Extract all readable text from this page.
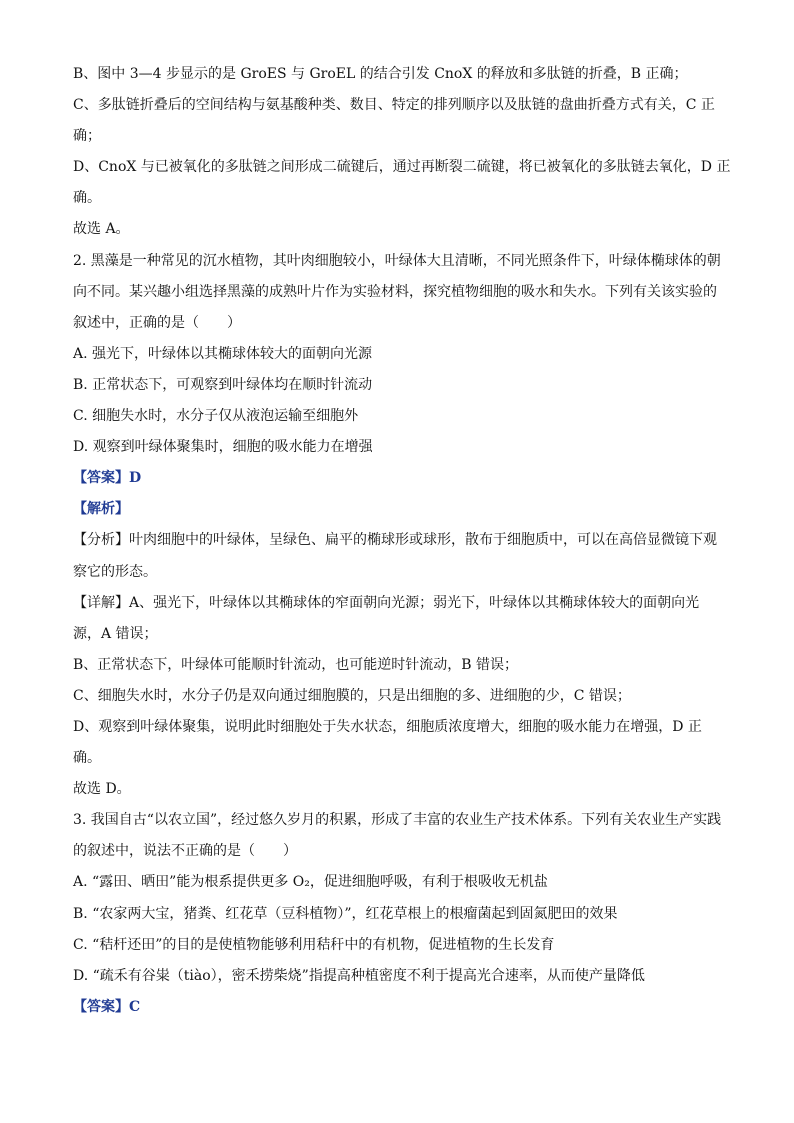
B、图中 3—4 步显示的是 GroES 与 GroEL 的结合引发 CnoX 的释放和多肽链的折叠，B 正确；
C、多肽链折叠后的空间结构与氨基酸种类、数目、特定的排列顺序以及肽链的盘曲折叠方式有关，C 正
确；
D、CnoX 与已被氧化的多肽链之间形成二硫键后，通过再断裂二硫键，将已被氧化的多肽链去氧化，D 正
确。
故选 A。
2. 黑藻是一种常见的沉水植物，其叶肉细胞较小，叶绿体大且清晰，不同光照条件下，叶绿体椭球体的朝
向不同。某兴趣小组选择黑藻的成熟叶片作为实验材料，探究植物细胞的吸水和失水。下列有关该实验的
叙述中，正确的是（　　）
A. 强光下，叶绿体以其椭球体较大的面朝向光源
B. 正常状态下，可观察到叶绿体均在顺时针流动
C. 细胞失水时，水分子仅从液泡运输至细胞外
D. 观察到叶绿体聚集时，细胞的吸水能力在增强
【答案】D
【解析】
【分析】叶肉细胞中的叶绿体，呈绿色、扁平的椭球形或球形，散布于细胞质中，可以在高倍显微镜下观
察它的形态。
【详解】A、强光下，叶绿体以其椭球体的窄面朝向光源；弱光下，叶绿体以其椭球体较大的面朝向光
源，A 错误；
B、正常状态下，叶绿体可能顺时针流动，也可能逆时针流动，B 错误；
C、细胞失水时，水分子仍是双向通过细胞膜的，只是出细胞的多、进细胞的少，C 错误；
D、观察到叶绿体聚集，说明此时细胞处于失水状态，细胞质浓度增大，细胞的吸水能力在增强，D 正
确。
故选 D。
3. 我国自古“以农立国”，经过悠久岁月的积累，形成了丰富的农业生产技术体系。下列有关农业生产实践
的叙述中，说法不正确的是（　　）
A. “露田、晒田”能为根系提供更多 O₂，促进细胞呼吸，有利于根吸收无机盐
B. “农家两大宝，猪粪、红花草（豆科植物）”，红花草根上的根瘤菌起到固氮肥田的效果
C. “秸杆还田”的目的是使植物能够利用秸秆中的有机物，促进植物的生长发育
D. “疏禾有谷粜（tiào），密禾捞柴烧”指提高种植密度不利于提高光合速率，从而使产量降低
【答案】C
